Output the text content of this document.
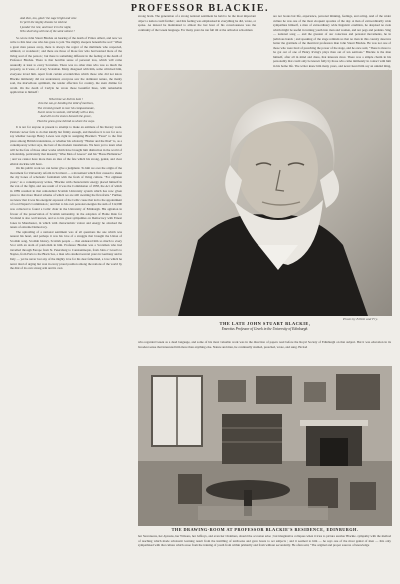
PROFESSOR BLACKIE.
And then, too, glad ! the sage bright and wise
In' peril the mighty dreams he told me
I ponder the rest, and hear it in the night,
Who shall sing with me of the saint unbent ?

So wrote John Stuart Blackie on hearing of the death of Prince Albert, and now we write to this later one who has gone to join "the mighty sleepers beneath the sod." When a great man passes away, there is always the regret of the multitude who respected, admired, or wondered ; and there are those of those few who had learned more of the living soul of the person ; but there is something different in the feeling at the death of Professor Blackie. There is that horrible sense of personal loss, which will come assuredly at least to every Scotsman. There was no other man who was so much the property, as it were, of every Scotsman. Many disagreed with him, some criticised him, everyone loved him. Apart from certain eccentricities which those who did not know Blackie intimately did not understand, everyone saw the dominant nature, the manly soul, the marvellous optimism, the tender affection for country, the stern dislike for wrath. On the death of Carlyle he wrote those beautiful lines, with remarkable application to himself :

What time we bid his hale !
Into the sun-ye bending the mild of mortises,
The crested growth to rear his compassionate,
Sweet sense to sustain, still kindly with a kiss,
And will on the stones beneath the grace,
That the grass grow behind so where the ways.

It is not for anyone at present to attempt to make an estimate of his literary work. Patriotic never fails to do that kindly but firmly enough, and therefore it is not for us to say whether George Henry Lewes was right in assigning Blackie's "Faust" to the first place among British translations, or whether his scholarly "Homer and the Iliad" is, as a contemporary writer says, the best of the modern translations. We have yet to learn what will be the fate of those other works which have brought him distinction in the world of scholarship, particularly that masterly "Wise Men of Greece" and his "Horae Hellenicae" ; and we cannot have more than an idea of the fate which his strong, genial, and clear ethical doctrine will have.

On his public work we can better give a judgment. To him we owe the origin of the movement for University reform in Scotland — a movement which first caused to shake the dry bones of scholastic formalism with the fresh of living culture. "For eighteen years," as a contemporary writes, "Blackie with characteristic energy placed himself in the van of the fight, and one result of it was the Commission of 1858, the Act of which in 1889 resulted in that remodelled Scottish University system which has now given place to that more liberal scheme of which we are still awaiting the first-fruits." Further, we know that it was his energetic espousal of the Celtic cause that led to the appointment of Lord Napier's Commission ; and that to his own personal energies the sum of £12,000 was collected to found a Celtic chair in the University of Edinburgh. His agitation in favour of the preservation of Scottish nationality, in the adoption of Home Rule for Scotland is also well known, and so is his great sympathies on Democracy with Ernest Jones in Manchester, in which with characteristic valour and energy he attacked the tenets of extreme Democracy.

The upholding of a national sentiment was of all questions the one which was nearest his heart, and perhaps it was his love of a struggle that brought the Union of Scottish song, Scottish history, Scottish people — that endeared him so much to every Scot with an atom of patriotism in him. Professor Blackie was a Scotsman who had travelled through Europe from St. Petersburg to Constantinople, from John o' Groat's to Naples, from Paris to the Black Sea, a man who studied several years in Germany and in Italy — yet he never lost any of the mighty love for his dear fatherland, a love which he never tired of urging but won in every proud position among the nations of the world by the dint of its own strong arm and its own

strong brain. The generation of a strong national sentiment he held to be the most important object a nation could further ; and this feeling was emphasised in everything he did, wrote, or spoke. As instead he maintained to almost the last hour of his consciousness was the continuity of the Greek language. For many years he ran full tilt at the orthodox schoolmen
are not books but life, experience, personal thinking, feelings, and acting. And of the wider culture he was one of the most eloquent apostles of the day. A man of extraordinarily wide sympathies himself, a man of extraordinary wide linguistic erudition, he despised no rude which might be useful in turning youth into men and women, and not pegs and pedants. Sing — national song — and the greatest of our conscious and personal movements, he in judicious hands ; and speaking of the stage reminds us that no man in this country deserves better the gratitude of the theatrical profession than John Stuart Blackie. He was not one of those who were tired of preaching the power of the stage, and he once said, "There is more to be got out of one of Henry Irving's plays than out of ten sermons." Blackie is the man himself, after all in mind and dress, that interests most. There was a simple charm in his personality that could only be known fully by those who came intimately in contact with him in his home life. The writer knew him many years, and never heard him say an unkind thing,
Photo by Elliott and Fry.
THE LATE JOHN STUART BLACKIE,
Emeritus Professor of Greek in the University of Edinburgh.
who regarded Greek as a dead language, and some of his most valuable work was in the direction of papers read before the Royal Society of Edinburgh on that subject. But it was education in its broadest sense that interested him more than anything else. Nature and man, he continually studied, preached, wrote, and sung. He had
THE DRAWING-ROOM AT PROFESSOR BLACKIE'S RESIDENCE, EDINBURGH.
her Stevensons, her Aytouns, her Wilsons, her Jeffreys, and even her Chalmers, should the occasion arise ; but imaginative collapses when it tries to picture another Blackie. sympathy with the method of teaching which made scholastic learning result from the instilling of textbooks and gave hours to set subjects ; and it seemed to him — he says one of the most genial of men — this only sympathised with that culture which arose from the training of youth from within primarily and from without secondarily. He often said, "The original and proper sources of knowledge
